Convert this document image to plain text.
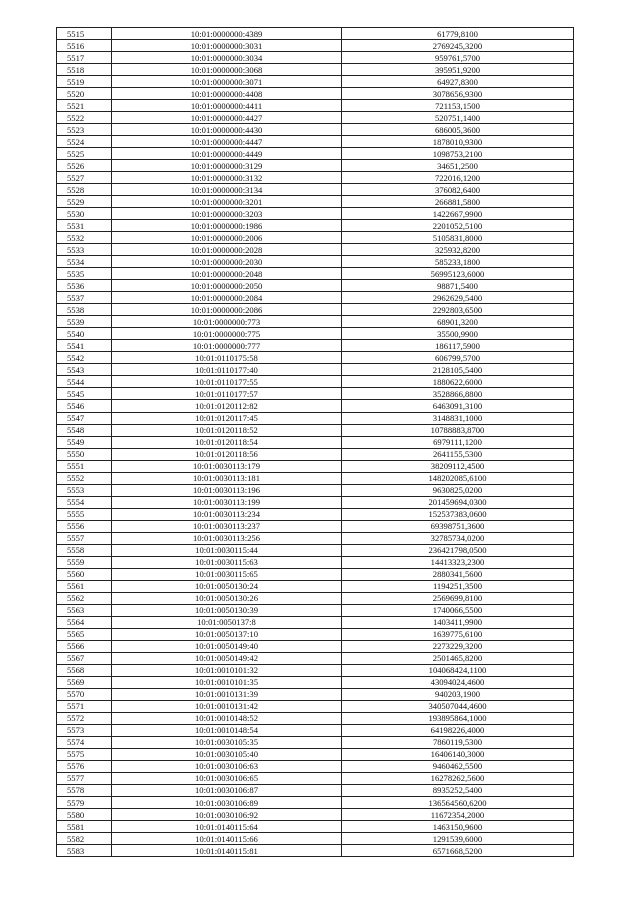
5515	10:01:0000000:4389	61779,8100
5516	10:01:0000000:3031	2769245,3200
5517	10:01:0000000:3034	959761,5700
5518	10:01:0000000:3068	395951,9200
5519	10:01:0000000:3071	64927,8300
5520	10:01:0000000:4408	3078656,9300
5521	10:01:0000000:4411	721153,1500
5522	10:01:0000000:4427	520751,1400
5523	10:01:0000000:4430	686005,3600
5524	10:01:0000000:4447	1878010,9300
5525	10:01:0000000:4449	1098753,2100
5526	10:01:0000000:3129	34651,2500
5527	10:01:0000000:3132	722016,1200
5528	10:01:0000000:3134	376082,6400
5529	10:01:0000000:3201	266881,5800
5530	10:01:0000000:3203	1422667,9900
5531	10:01:0000000:1986	2201052,5100
5532	10:01:0000000:2006	5105831,8000
5533	10:01:0000000:2028	325932,8200
5534	10:01:0000000:2030	585233,1800
5535	10:01:0000000:2048	56995123,6000
5536	10:01:0000000:2050	98871,5400
5537	10:01:0000000:2084	2962629,5400
5538	10:01:0000000:2086	2292803,6500
5539	10:01:0000000:773	68901,3200
5540	10:01:0000000:775	35500,9900
5541	10:01:0000000:777	186117,5900
5542	10:01:0110175:58	606799,5700
5543	10:01:0110177:40	2128105,5400
5544	10:01:0110177:55	1880622,6000
5545	10:01:0110177:57	3528866,8800
5546	10:01:0120112:82	6463091,3100
5547	10:01:0120117:45	3148831,1000
5548	10:01:0120118:52	10788883,8700
5549	10:01:0120118:54	6979111,1200
5550	10:01:0120118:56	2641155,5300
5551	10:01:0030113:179	38209112,4500
5552	10:01:0030113:181	148202085,6100
5553	10:01:0030113:196	9630825,0200
5554	10:01:0030113:199	201459694,0300
5555	10:01:0030113:234	152537383,0600
5556	10:01:0030113:237	69398751,3600
5557	10:01:0030113:256	32785734,0200
5558	10:01:0030115:44	236421798,0500
5559	10:01:0030115:63	14413323,2300
5560	10:01:0030115:65	2880341,5600
5561	10:01:0050130:24	1194251,3500
5562	10:01:0050130:26	2569699,8100
5563	10:01:0050130:39	1740066,5500
5564	10:01:0050137:8	1403411,9900
5565	10:01:0050137:10	1639775,6100
5566	10:01:0050149:40	2273229,3200
5567	10:01:0050149:42	2501465,8200
5568	10:01:0010101:32	104068424,1100
5569	10:01:0010101:35	43094024,4600
5570	10:01:0010131:39	940203,1900
5571	10:01:0010131:42	340507044,4600
5572	10:01:0010148:52	193895864,1000
5573	10:01:0010148:54	64198226,4000
5574	10:01:0030105:35	7860119,5300
5575	10:01:0030105:40	16406140,3000
5576	10:01:0030106:63	9460462,5500
5577	10:01:0030106:65	16278262,5600
5578	10:01:0030106:87	8935252,5400
5579	10:01:0030106:89	136564560,6200
5580	10:01:0030106:92	11672354,2000
5581	10:01:0140115:64	1463150,9600
5582	10:01:0140115:66	1291539,6000
5583	10:01:0140115:81	6571668,5200
